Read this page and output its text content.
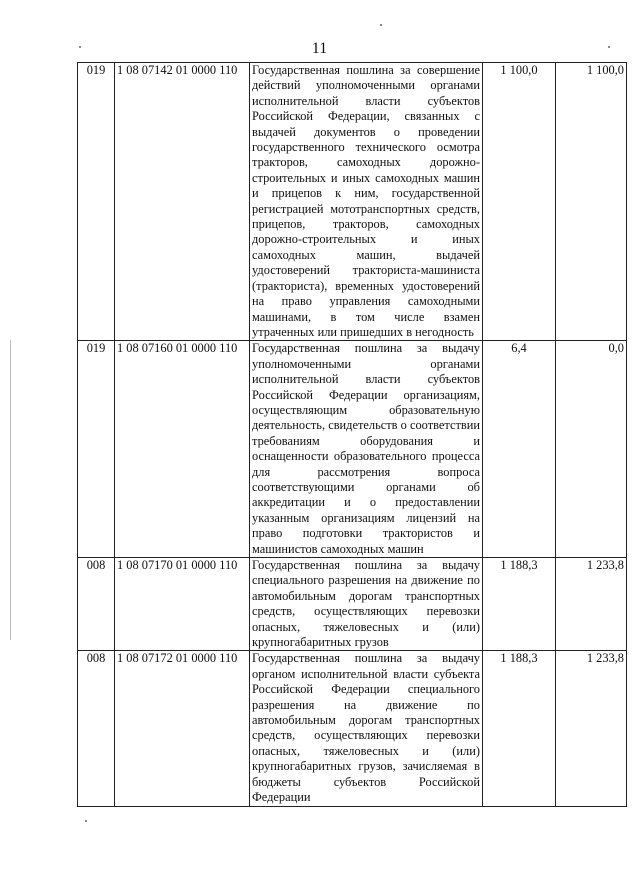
11
019	1 08 07142 01 0000 110	Государственная пошлина за совершение действий уполномоченными органами исполнительной власти субъектов Российской Федерации, связанных с выдачей документов о проведении государственного технического осмотра тракторов, самоходных дорожно-строительных и иных самоходных машин и прицепов к ним, государственной регистрацией мототранспортных средств, прицепов, тракторов, самоходных дорожно-строительных и иных самоходных машин, выдачей удостоверений тракториста-машиниста (тракториста), временных удостоверений на право управления самоходными машинами, в том числе взамен утраченных или пришедших в негодность	1 100,0	1 100,0
019	1 08 07160 01 0000 110	Государственная пошлина за выдачу уполномоченными органами исполнительной власти субъектов Российской Федерации организациям, осуществляющим образовательную деятельность, свидетельств о соответствии требованиям оборудования и оснащенности образовательного процесса для рассмотрения вопроса соответствующими органами об аккредитации и о предоставлении указанным организациям лицензий на право подготовки трактористов и машинистов самоходных машин	6,4	0,0
008	1 08 07170 01 0000 110	Государственная пошлина за выдачу специального разрешения на движение по автомобильным дорогам транспортных средств, осуществляющих перевозки опасных, тяжеловесных и (или) крупногабаритных грузов	1 188,3	1 233,8
008	1 08 07172 01 0000 110	Государственная пошлина за выдачу органом исполнительной власти субъекта Российской Федерации специального разрешения на движение по автомобильным дорогам транспортных средств, осуществляющих перевозки опасных, тяжеловесных и (или) крупногабаритных грузов, зачисляемая в бюджеты субъектов Российской Федерации	1 188,3	1 233,8
